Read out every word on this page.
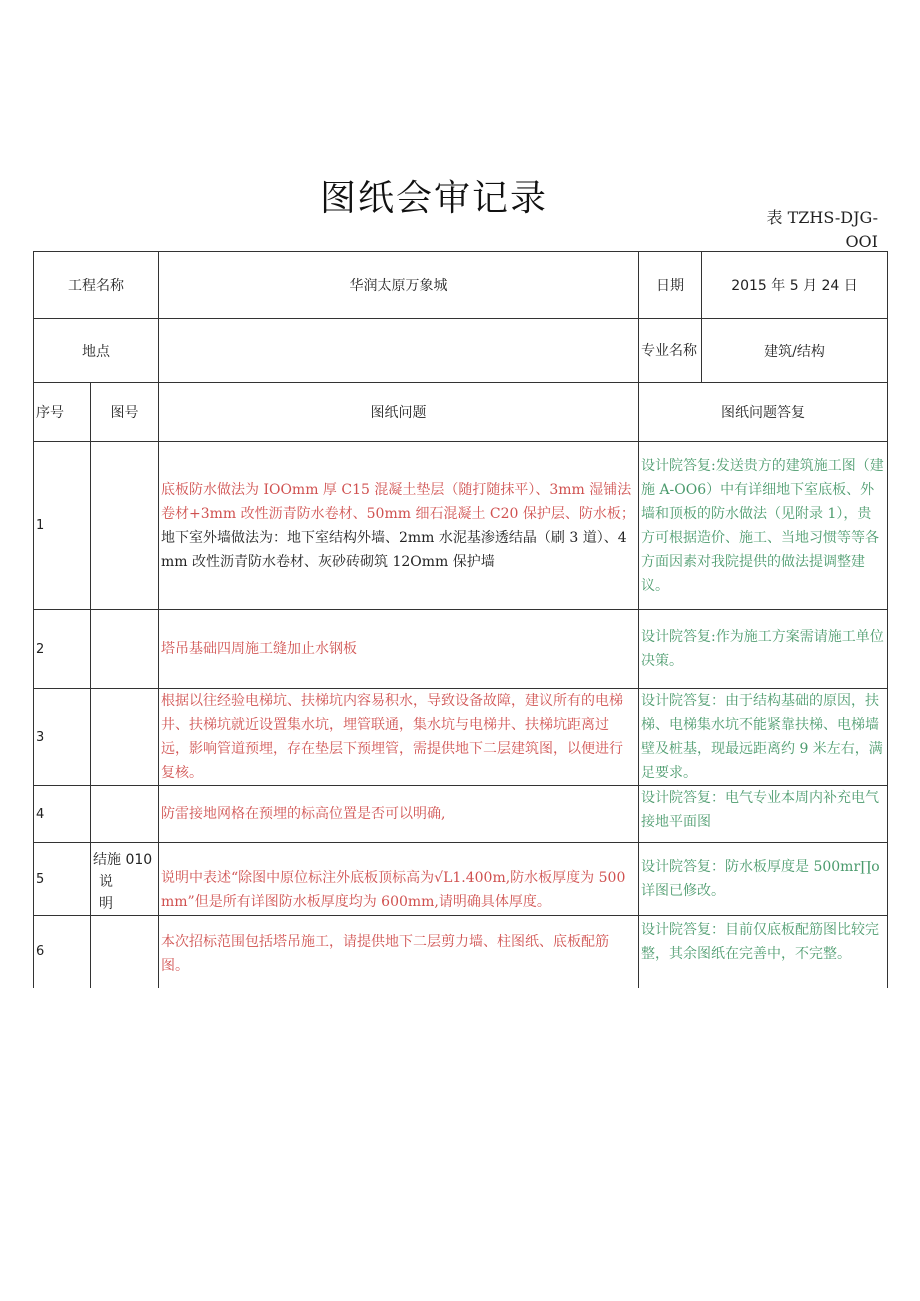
图纸会审记录	表 TZHS-DJG-
OOI
工程名称		华润太原万象城	日期	2015 年 5 月 24 日
地点			专业名称	建筑/结构
序号	图号	图纸问题	图纸问题答复	
1		底板防水做法为 IOOmm 厚 C15 混凝土垫层（随打随抹平）、3mm 湿铺法卷材+3mm 改性沥青防水卷材、50mm 细石混凝土 C20 保护层、防水板；
地下室外墙做法为：地下室结构外墙、2mm 水泥基渗透结晶（刷 3 道）、4mm 改性沥青防水卷材、灰砂砖砌筑 12Omm 保护墙	设计院答复:发送贵方的建筑施工图（建施 A-OO6）中有详细地下室底板、外墙和顶板的防水做法（见附录 1），贵方可根据造价、施工、当地习惯等等各方面因素对我院提供的做法提调整建议。	
2		塔吊基础四周施工缝加止水钢板	设计院答复:作为施工方案需请施工单位决策。	
3		根据以往经验电梯坑、扶梯坑内容易积水，导致设备故障，建议所有的电梯井、扶梯坑就近设置集水坑，埋管联通，集水坑与电梯井、扶梯坑距离过远，影响管道预埋，存在垫层下预埋管，需提供地下二层建筑图，以便进行复核。	设计院答复：由于结构基础的原因，扶梯、电梯集水坑不能紧靠扶梯、电梯墙壁及桩基，现最远距离约 9 米左右，满足要求。	
4		防雷接地网格在预埋的标高位置是否可以明确,	设计院答复：电气专业本周内补充电气接地平面图	
5	结施 010
说
明	说明中表述“除图中原位标注外底板顶标高为√L1.400m,防水板厚度为 500mm”但是所有详图防水板厚度均为 600mm,请明确具体厚度。	设计院答复：防水板厚度是 500mr∏o 详图已修改。	
6		本次招标范围包括塔吊施工，请提供地下二层剪力墙、柱图纸、底板配筋图。	设计院答复：目前仅底板配筋图比较完整，其余图纸在完善中，不完整。	
